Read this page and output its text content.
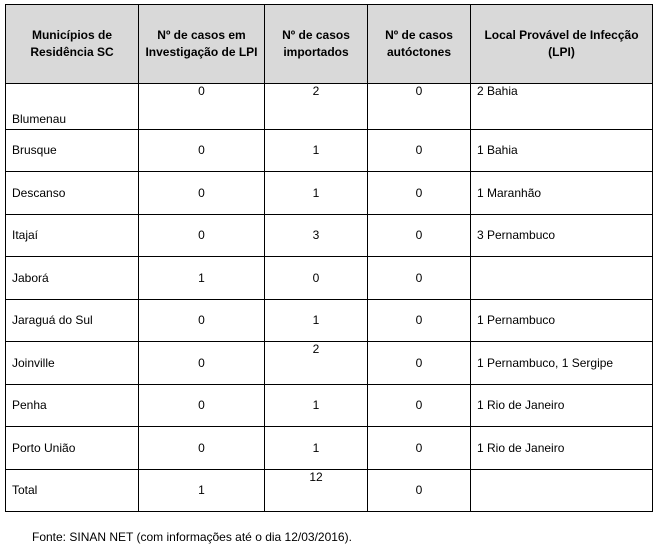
Municípios de Residência SC	Nº de casos em Investigação de LPI	Nº de casos importados	Nº de casos autóctones	Local Provável de Infecção (LPI)
Blumenau	0	2	0	2 Bahia
Brusque	0	1	0	1 Bahia
Descanso	0	1	0	1 Maranhão
Itajaí	0	3	0	3 Pernambuco
Jaborá	1	0	0	
Jaraguá do Sul	0	1	0	1 Pernambuco
Joinville	0	2	0	1 Pernambuco, 1 Sergipe
Penha	0	1	0	1 Rio de Janeiro
Porto União	0	1	0	1 Rio de Janeiro
Total	1	12	0	
Fonte: SINAN NET (com informações até o dia 12/03/2016).
